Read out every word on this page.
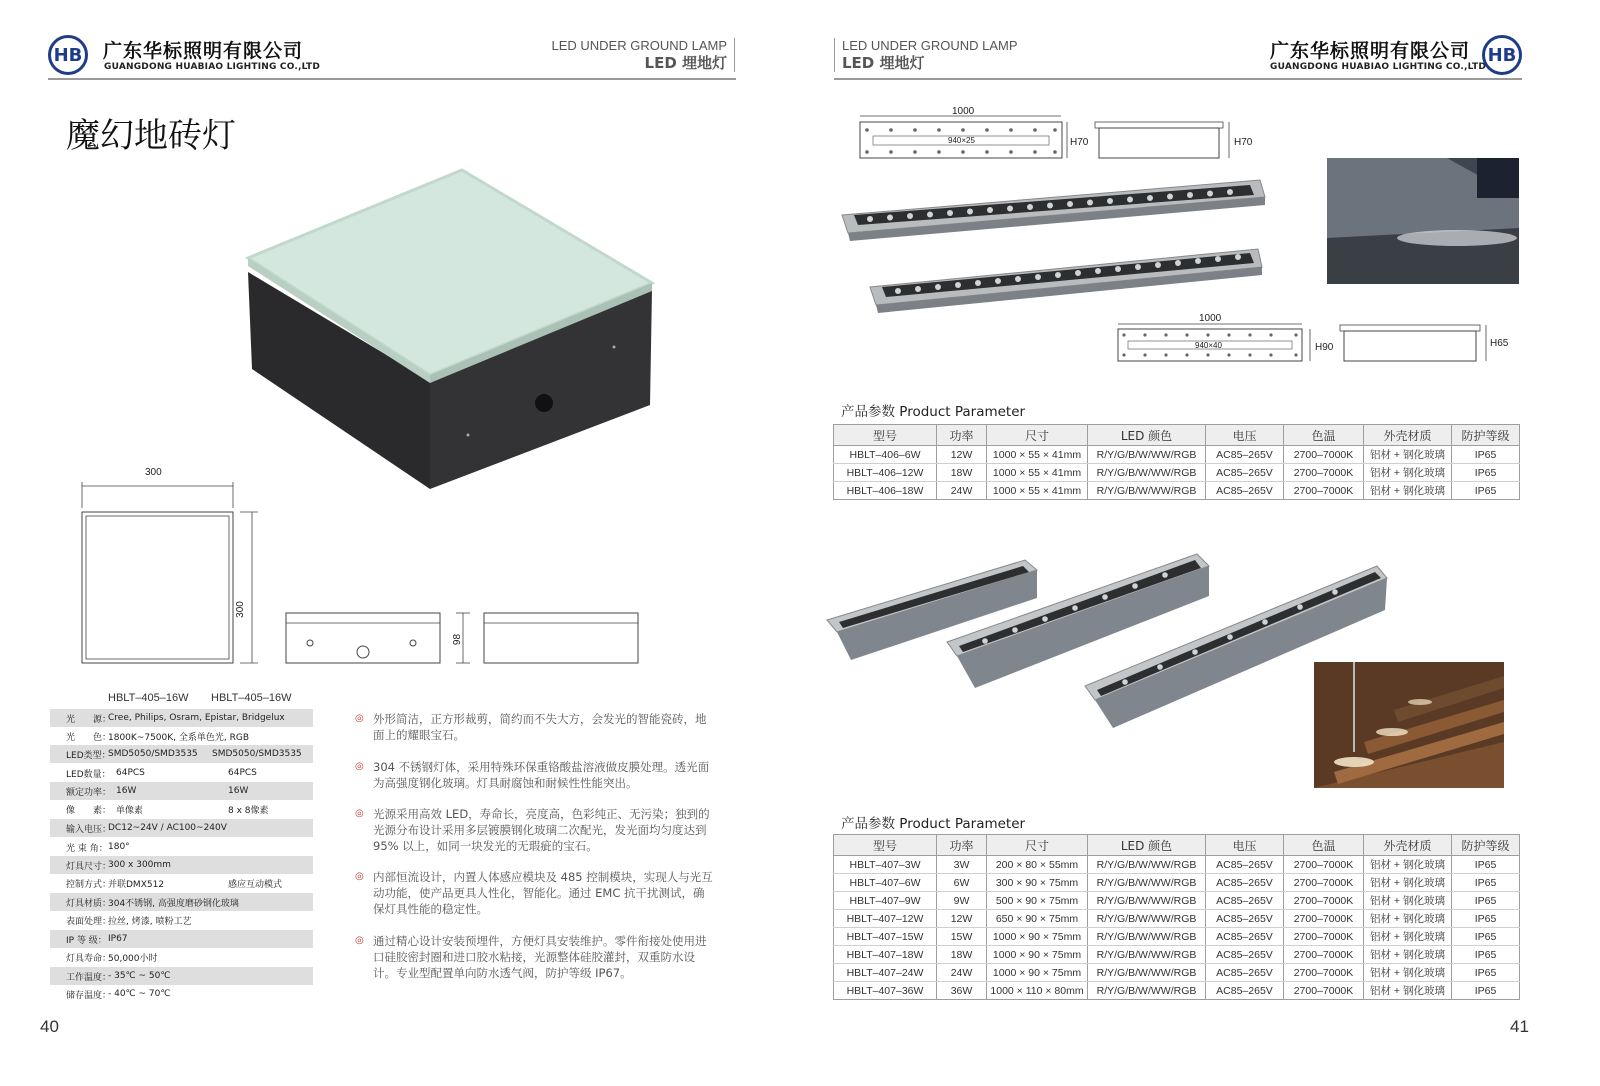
HB 广东华标照明有限公司
GUANGDONG HUABIAO LIGHTING CO.,LTD
LED UNDER GROUND LAMP
LED 埋地灯
魔幻地砖灯
300
300
98
HBLT–405–16W HBLT–405–16W
光　　源：
Cree, Philips, Osram, Epistar, Bridgelux
光　　色：
1800K~7500K, 全系单色光, RGB
LED类型：
SMD5050/SMD3535 SMD5050/SMD3535
LED数量： 64PCS	64PCS
额定功率： 16W	16W
像　　素： 单像素	8 x 8像素
输入电压：
DC12~24V / AC100~240V
光 束 角： 180°
灯具尺寸：
300 x 300mm
控制方式：
并联DMX512	感应互动模式
灯具材质：
304不锈钢, 高强度磨砂钢化玻璃
表面处理：
拉丝, 烤漆, 喷粉工艺
IP 等 级： IP67
灯具寿命：
50,000小时
工作温度：
- 35℃ ~ 50℃
储存温度：
- 40℃ ~ 70℃
◎ 外形简洁，正方形裁剪，简约而不失大方，会发光的智能瓷砖，地面上的耀眼宝石。
◎ 304 不锈钢灯体，采用特殊环保重铬酸盐溶液做皮膜处理。透光面为高强度钢化玻璃。灯具耐腐蚀和耐候性性能突出。
◎ 光源采用高效 LED，寿命长，亮度高，色彩纯正、无污染；独到的光源分布设计采用多层镀膜钢化玻璃二次配光，发光面均匀度达到 95% 以上，如同一块发光的无瑕疵的宝石。
◎ 内部恒流设计，内置人体感应模块及 485 控制模块，实现人与光互动功能，使产品更具人性化，智能化。通过 EMC 抗干扰测试，确保灯具性能的稳定性。
◎ 通过精心设计安装预埋件，方便灯具安装维护。零件衔接处使用进口硅胶密封圈和进口胶水粘接，光源整体硅胶灌封，双重防水设计。专业型配置单向防水透气阀，防护等级 IP67。
40
LED UNDER GROUND LAMP
LED 埋地灯
广东华标照明有限公司
GUANGDONG HUABIAO LIGHTING CO.,LTD
HB
1000
940×25	H70	H70
1000
940×40	H90	H65
产品参数 Product Parameter
型号	功率	尺寸	LED 颜色	电压	色温	外壳材质	防护等级
HBLT–406–6W	12W	1000 × 55 × 41mm	R/Y/G/B/W/WW/RGB	AC85–265V	2700–7000K	铝材 + 钢化玻璃	IP65
HBLT–406–12W	18W	1000 × 55 × 41mm	R/Y/G/B/W/WW/RGB	AC85–265V	2700–7000K	铝材 + 钢化玻璃	IP65
HBLT–406–18W	24W	1000 × 55 × 41mm	R/Y/G/B/W/WW/RGB	AC85–265V	2700–7000K	铝材 + 钢化玻璃	IP65
产品参数 Product Parameter
型号	功率	尺寸	LED 颜色	电压	色温	外壳材质	防护等级
HBLT–407–3W	3W	200 × 80 × 55mm	R/Y/G/B/W/WW/RGB	AC85–265V	2700–7000K	铝材 + 钢化玻璃	IP65
HBLT–407–6W	6W	300 × 90 × 75mm	R/Y/G/B/W/WW/RGB	AC85–265V	2700–7000K	铝材 + 钢化玻璃	IP65
HBLT–407–9W	9W	500 × 90 × 75mm	R/Y/G/B/W/WW/RGB	AC85–265V	2700–7000K	铝材 + 钢化玻璃	IP65
HBLT–407–12W	12W	650 × 90 × 75mm	R/Y/G/B/W/WW/RGB	AC85–265V	2700–7000K	铝材 + 钢化玻璃	IP65
HBLT–407–15W	15W	1000 × 90 × 75mm	R/Y/G/B/W/WW/RGB	AC85–265V	2700–7000K	铝材 + 钢化玻璃	IP65
HBLT–407–18W	18W	1000 × 90 × 75mm	R/Y/G/B/W/WW/RGB	AC85–265V	2700–7000K	铝材 + 钢化玻璃	IP65
HBLT–407–24W	24W	1000 × 90 × 75mm	R/Y/G/B/W/WW/RGB	AC85–265V	2700–7000K	铝材 + 钢化玻璃	IP65
HBLT–407–36W	36W	1000 × 110 × 80mm	R/Y/G/B/W/WW/RGB	AC85–265V	2700–7000K	铝材 + 钢化玻璃	IP65
41
